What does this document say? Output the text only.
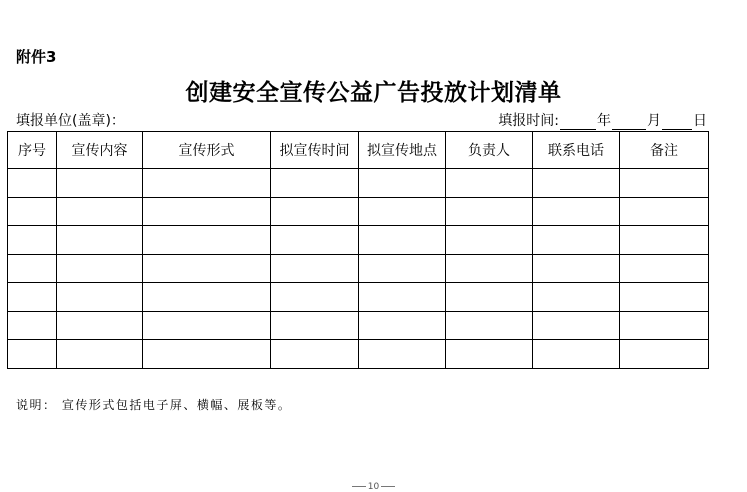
附件3
创建安全宣传公益广告投放计划清单
填报单位(盖章)：	填报时间:	年	月 日
序号	宣传内容	宣传形式	拟宣传时间	拟宣传地点	负责人	联系电话	备注

说明： 宣传形式包括电子屏、横幅、展板等。
10
